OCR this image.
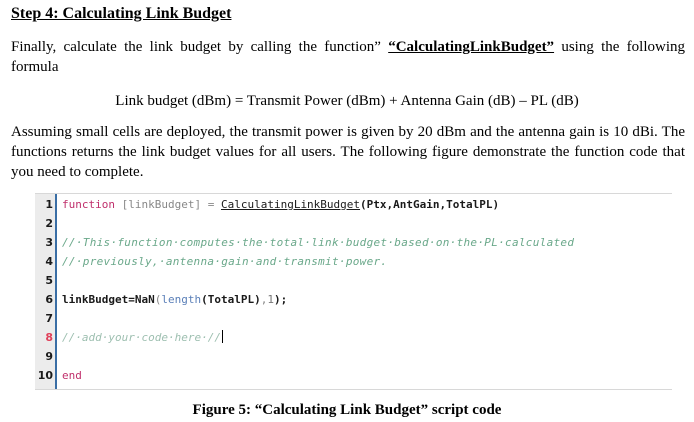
Step 4: Calculating Link Budget

Finally, calculate the link budget by calling the function” “CalculatingLinkBudget” using the following formula

Link budget (dBm) = Transmit Power (dBm) + Antenna Gain (dB) – PL (dB)

Assuming small cells are deployed, the transmit power is given by 20 dBm and the antenna gain is 10 dBi. The functions returns the link budget values for all users. The following figure demonstrate the function code that you need to complete.

1 function [linkBudget] = CalculatingLinkBudget(Ptx,AntGain,TotalPL)
2
3 //·This·function·computes·the·total·link·budget·based·on·the·PL·calculated
4 //·previously,·antenna·gain·and·transmit·power.
5
6 linkBudget=NaN(length(TotalPL),1);
7
8 //·add·your·code·here·//
9
10 end

Figure 5: “Calculating Link Budget” script code
